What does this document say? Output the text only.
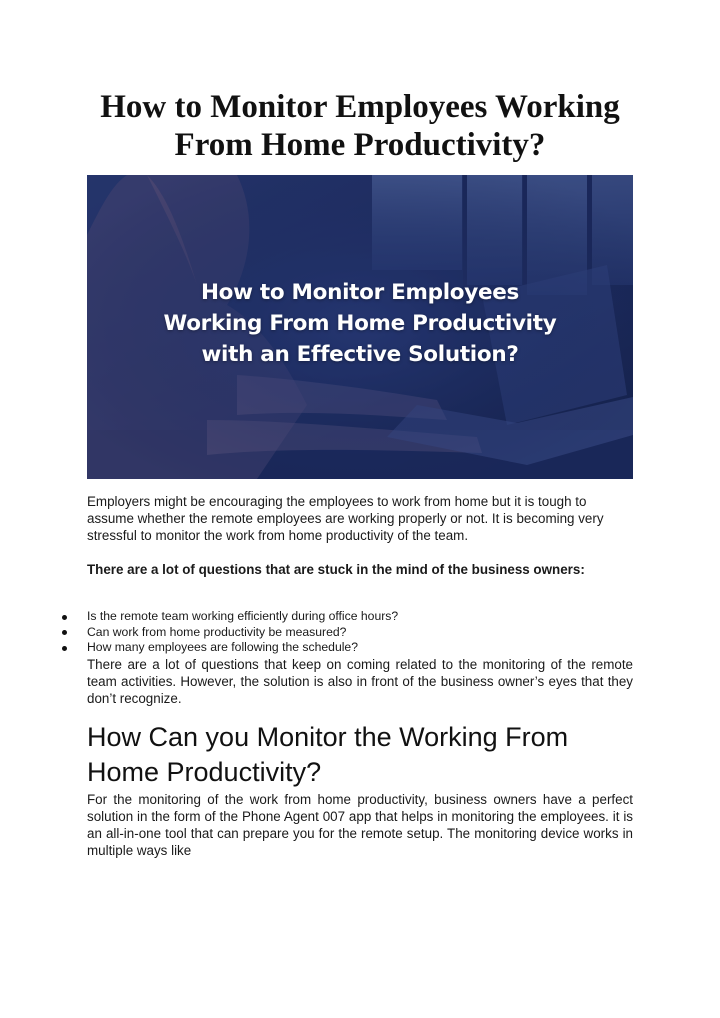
How to Monitor Employees Working From Home Productivity?
How to Monitor Employees
Working From Home Productivity
with an Effective Solution?

Employers might be encouraging the employees to work from home but it is tough to assume whether the remote employees are working properly or not. It is becoming very stressful to monitor the work from home productivity of the team.

There are a lot of questions that are stuck in the mind of the business owners:

Is the remote team working efficiently during office hours?
Can work from home productivity be measured?
How many employees are following the schedule?

There are a lot of questions that keep on coming related to the monitoring of the remote team activities. However, the solution is also in front of the business owner’s eyes that they don’t recognize.

How Can you Monitor the Working From Home Productivity?

For the monitoring of the work from home productivity, business owners have a perfect solution in the form of the Phone Agent 007 app that helps in monitoring the employees. it is an all-in-one tool that can prepare you for the remote setup. The monitoring device works in multiple ways like
